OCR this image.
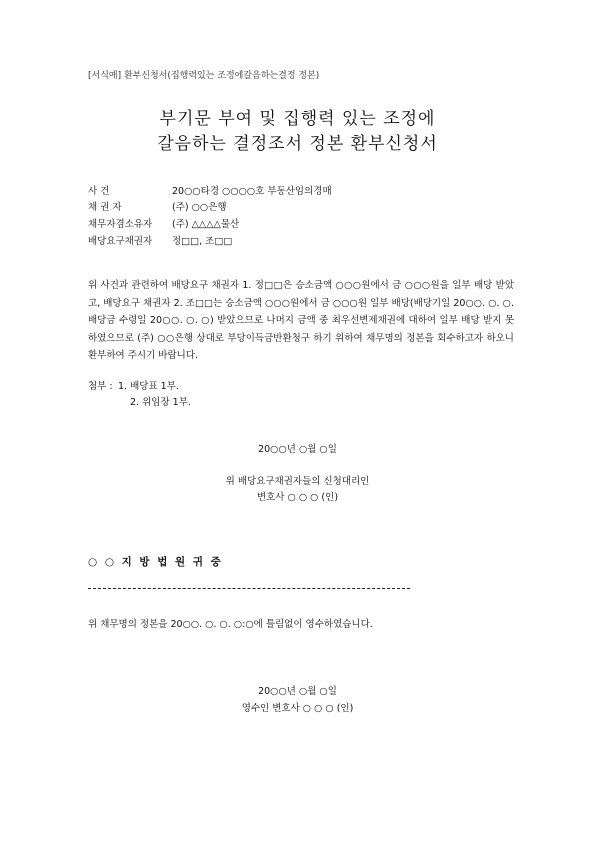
[서식예] 환부신청서(집행력있는 조정에갈음하는결정 정본)
부기문 부여 및 집행력 있는 조정에
갈음하는 결정조서 정본 환부신청서
사 건	20○○타경 ○○○○호 부동산임의경매
채 권 자	(주) ○○은행
채무자겸소유자 (주) △△△△물산
배당요구채권자 정□□, 조□□
위 사건과 관련하여 배당요구 채권자 1. 정□□은 승소금액 ○○○원에서 금 ○○○원을 일부 배당 받았고, 배당요구 채권자 2. 조□□는 승소금액 ○○○원에서 금 ○○○원 일부 배당(배당기일 20○○. ○. ○. 배당금 수령일 20○○. ○. ○) 받았으므로 나머지 금액 중 최우선변제채권에 대하여 일부 배당 받지 못하였으므로 (주) ○○은행 상대로 부당이득금반환청구 하기 위하여 채무명의 정본을 회수하고자 하오니 환부하여 주시기 바랍니다.
첨부 : 1. 배당표 1부.
2. 위임장 1부.
20○○년 ○월 ○일
위 배당요구채권자들의 신청대리인
변호사 ○ ○ ○ (인)
○ ○ 지 방 법 원 귀 중
위 채무명의 정본을 20○○. ○. ○. ○:○에 틀림없이 영수하였습니다.
20○○년 ○월 ○일
영수인 변호사 ○ ○ ○ (인)
